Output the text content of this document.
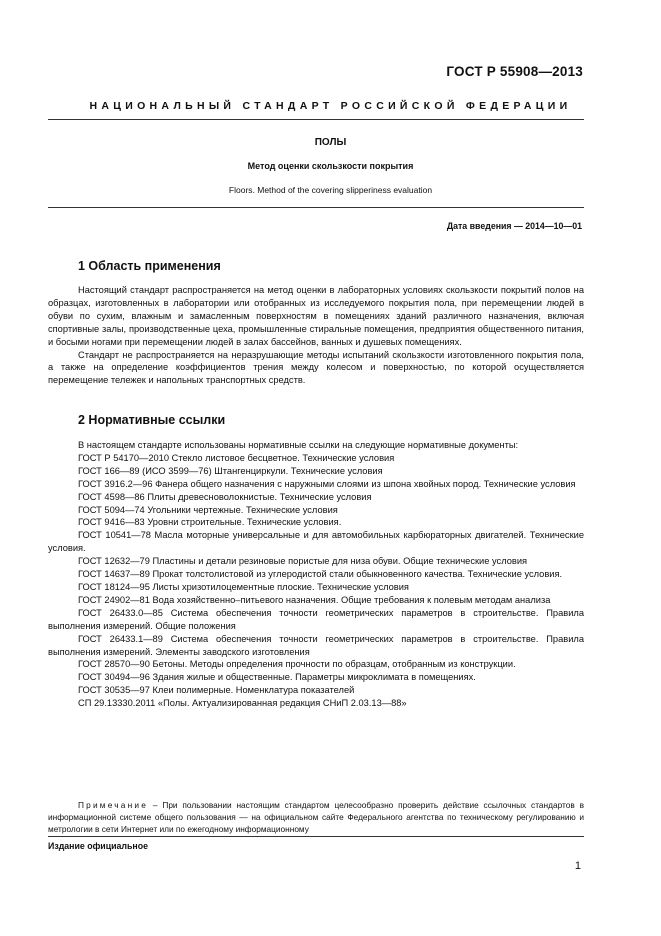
ГОСТ Р 55908—2013
НАЦИОНАЛЬНЫЙ СТАНДАРТ РОССИЙСКОЙ ФЕДЕРАЦИИ
ПОЛЫ
Метод оценки скользкости покрытия
Floors. Method of the covering slipperiness evaluation
Дата введения — 2014—10—01
1 Область применения

Настоящий стандарт распространяется на метод оценки в лабораторных условиях скользкости покрытий полов на образцах, изготовленных в лаборатории или отобранных из исследуемого покрытия пола, при перемещении людей в обуви по сухим, влажным и замасленным поверхностям в помещениях зданий различного назначения, включая спортивные залы, производственные цеха, промышленные стиральные помещения, предприятия общественного питания, и босыми ногами при перемещении людей в залах бассейнов, ванных и душевых помещениях.

Стандарт не распространяется на неразрушающие методы испытаний скользкости изготовленного покрытия пола, а также на определение коэффициентов трения между колесом и поверхностью, по которой осуществляется перемещение тележек и напольных транспортных средств.

2 Нормативные ссылки

В настоящем стандарте использованы нормативные ссылки на следующие нормативные документы:

ГОСТ Р 54170—2010 Стекло листовое бесцветное. Технические условия

ГОСТ 166—89 (ИСО 3599—76) Штангенциркули. Технические условия

ГОСТ 3916.2—96 Фанера общего назначения с наружными слоями из шпона хвойных пород. Технические условия

ГОСТ 4598—86 Плиты древесноволокнистые. Технические условия

ГОСТ 5094—74 Угольники чертежные. Технические условия

ГОСТ 9416—83 Уровни строительные. Технические условия.

ГОСТ 10541—78 Масла моторные универсальные и для автомобильных карбюраторных двигателей. Технические условия.

ГОСТ 12632—79 Пластины и детали резиновые пористые для низа обуви. Общие технические условия

ГОСТ 14637—89 Прокат толстолистовой из углеродистой стали обыкновенного качества. Технические условия.

ГОСТ 18124—95 Листы хризотилоцементные плоские. Технические условия

ГОСТ 24902—81 Вода хозяйственно–питьевого назначения. Общие требования к полевым методам анализа

ГОСТ 26433.0—85 Система обеспечения точности геометрических параметров в строительстве. Правила выполнения измерений. Общие положения

ГОСТ 26433.1—89 Система обеспечения точности геометрических параметров в строительстве. Правила выполнения измерений. Элементы заводского изготовления

ГОСТ 28570—90 Бетоны. Методы определения прочности по образцам, отобранным из конструкции.

ГОСТ 30494—96 Здания жилые и общественные. Параметры микроклимата в помещениях.

ГОСТ 30535—97 Клеи полимерные. Номенклатура показателей

СП 29.13330.2011 «Полы. Актуализированная редакция СНиП 2.03.13—88»

Примечание – При пользовании настоящим стандартом целесообразно проверить действие ссылочных стандартов в информационной системе общего пользования — на официальном сайте Федерального агентства по техническому регулированию и метрологии в сети Интернет или по ежегодному информационному

Издание официальное
1
